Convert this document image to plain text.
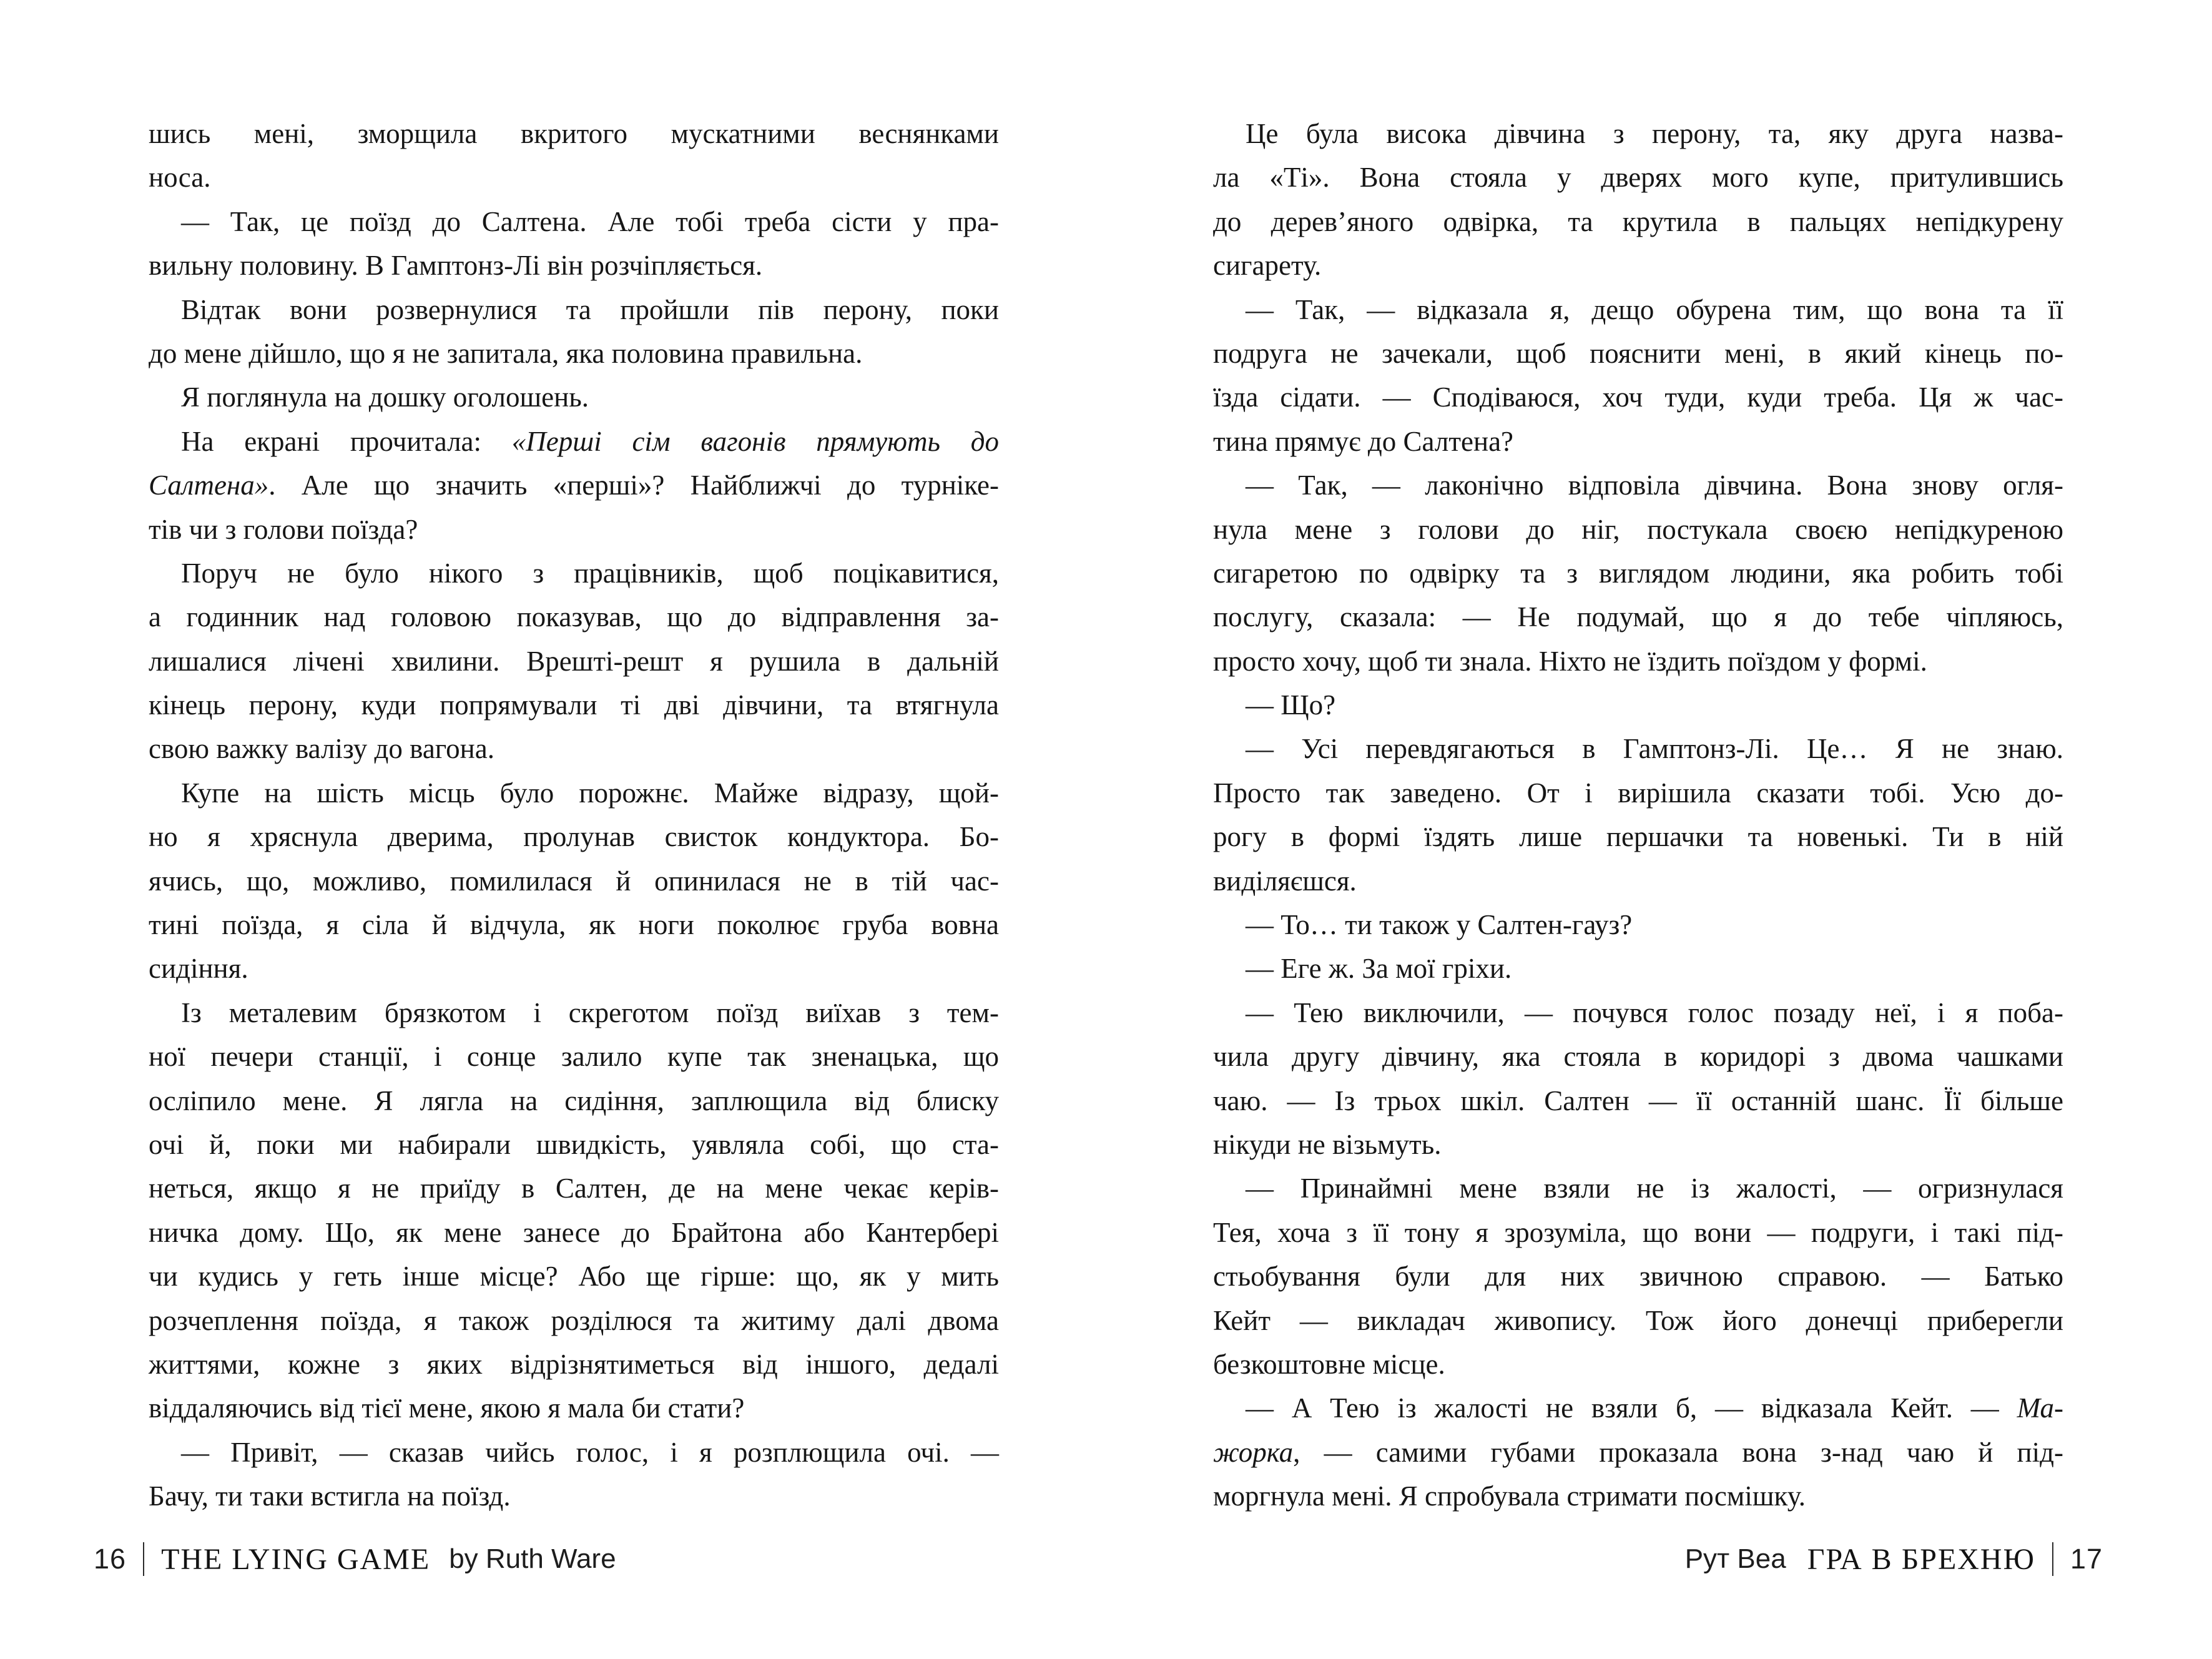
шись мені, зморщила вкритого мускатними веснянками
носа.
— Так, це поїзд до Салтена. Але тобі треба сісти у пра-
вильну половину. В Гамптонз-Лі він розчіпляється.
Відтак вони розвернулися та пройшли пів перону, поки
до мене дійшло, що я не запитала, яка половина правильна.
Я поглянула на дошку оголошень.
На екрані прочитала: «Перші сім вагонів прямують до
Салтена». Але що значить «перші»? Найближчі до турніке-
тів чи з голови поїзда?
Поруч не було нікого з працівників, щоб поцікавитися,
а годинник над головою показував, що до відправлення за-
лишалися лічені хвилини. Врешті-решт я рушила в дальній
кінець перону, куди попрямували ті дві дівчини, та втягнула
свою важку валізу до вагона.
Купе на шість місць було порожнє. Майже відразу, щой-
но я хряснула дверима, пролунав свисток кондуктора. Бо-
ячись, що, можливо, помилилася й опинилася не в тій час-
тині поїзда, я сіла й відчула, як ноги поколює груба вовна
сидіння.
Із металевим брязкотом і скреготом поїзд виїхав з тем-
ної печери станції, і сонце залило купе так зненацька, що
осліпило мене. Я лягла на сидіння, заплющила від блиску
очі й, поки ми набирали швидкість, уявляла собі, що ста-
неться, якщо я не приїду в Салтен, де на мене чекає керів-
ничка дому. Що, як мене занесе до Брайтона або Кантербері
чи кудись у геть інше місце? Або ще гірше: що, як у мить
розчеплення поїзда, я також розділюся та житиму далі двома
життями, кожне з яких відрізнятиметься від іншого, дедалі
віддаляючись від тієї мене, якою я мала би стати?
— Привіт, — сказав чийсь голос, і я розплющила очі. —
Бачу, ти таки встигла на поїзд.
Це була висока дівчина з перону, та, яку друга назва-
ла «Ті». Вона стояла у дверях мого купе, притулившись
до дерев’яного одвірка, та крутила в пальцях непідкурену
сигарету.
— Так, — відказала я, дещо обурена тим, що вона та її
подруга не зачекали, щоб пояснити мені, в який кінець по-
їзда сідати. — Сподіваюся, хоч туди, куди треба. Ця ж час-
тина прямує до Салтена?
— Так, — лаконічно відповіла дівчина. Вона знову огля-
нула мене з голови до ніг, постукала своєю непідкуреною
сигаретою по одвірку та з виглядом людини, яка робить тобі
послугу, сказала: — Не подумай, що я до тебе чіпляюсь,
просто хочу, щоб ти знала. Ніхто не їздить поїздом у формі.
— Що?
— Усі перевдягаються в Гамптонз-Лі. Це… Я не знаю.
Просто так заведено. От і вирішила сказати тобі. Усю до-
рогу в формі їздять лише першачки та новенькі. Ти в ній
виділяєшся.
— То… ти також у Салтен-гауз?
— Еге ж. За мої гріхи.
— Тею виключили, — почувся голос позаду неї, і я поба-
чила другу дівчину, яка стояла в коридорі з двома чашками
чаю. — Із трьох шкіл. Салтен — її останній шанс. Її більше
нікуди не візьмуть.
— Принаймні мене взяли не із жалості, — огризнулася
Тея, хоча з її тону я зрозуміла, що вони — подруги, і такі під-
стьобування були для них звичною справою. — Батько
Кейт — викладач живопису. Тож його донечці приберегли
безкоштовне місце.
— А Тею із жалості не взяли б, — відказала Кейт. — Ма-
жорка, — самими губами проказала вона з-над чаю й під-
моргнула мені. Я спробувала стримати посмішку.
16 THE LYING GAME by Ruth Ware	Рут Веа ГРА В БРЕХНЮ 17
